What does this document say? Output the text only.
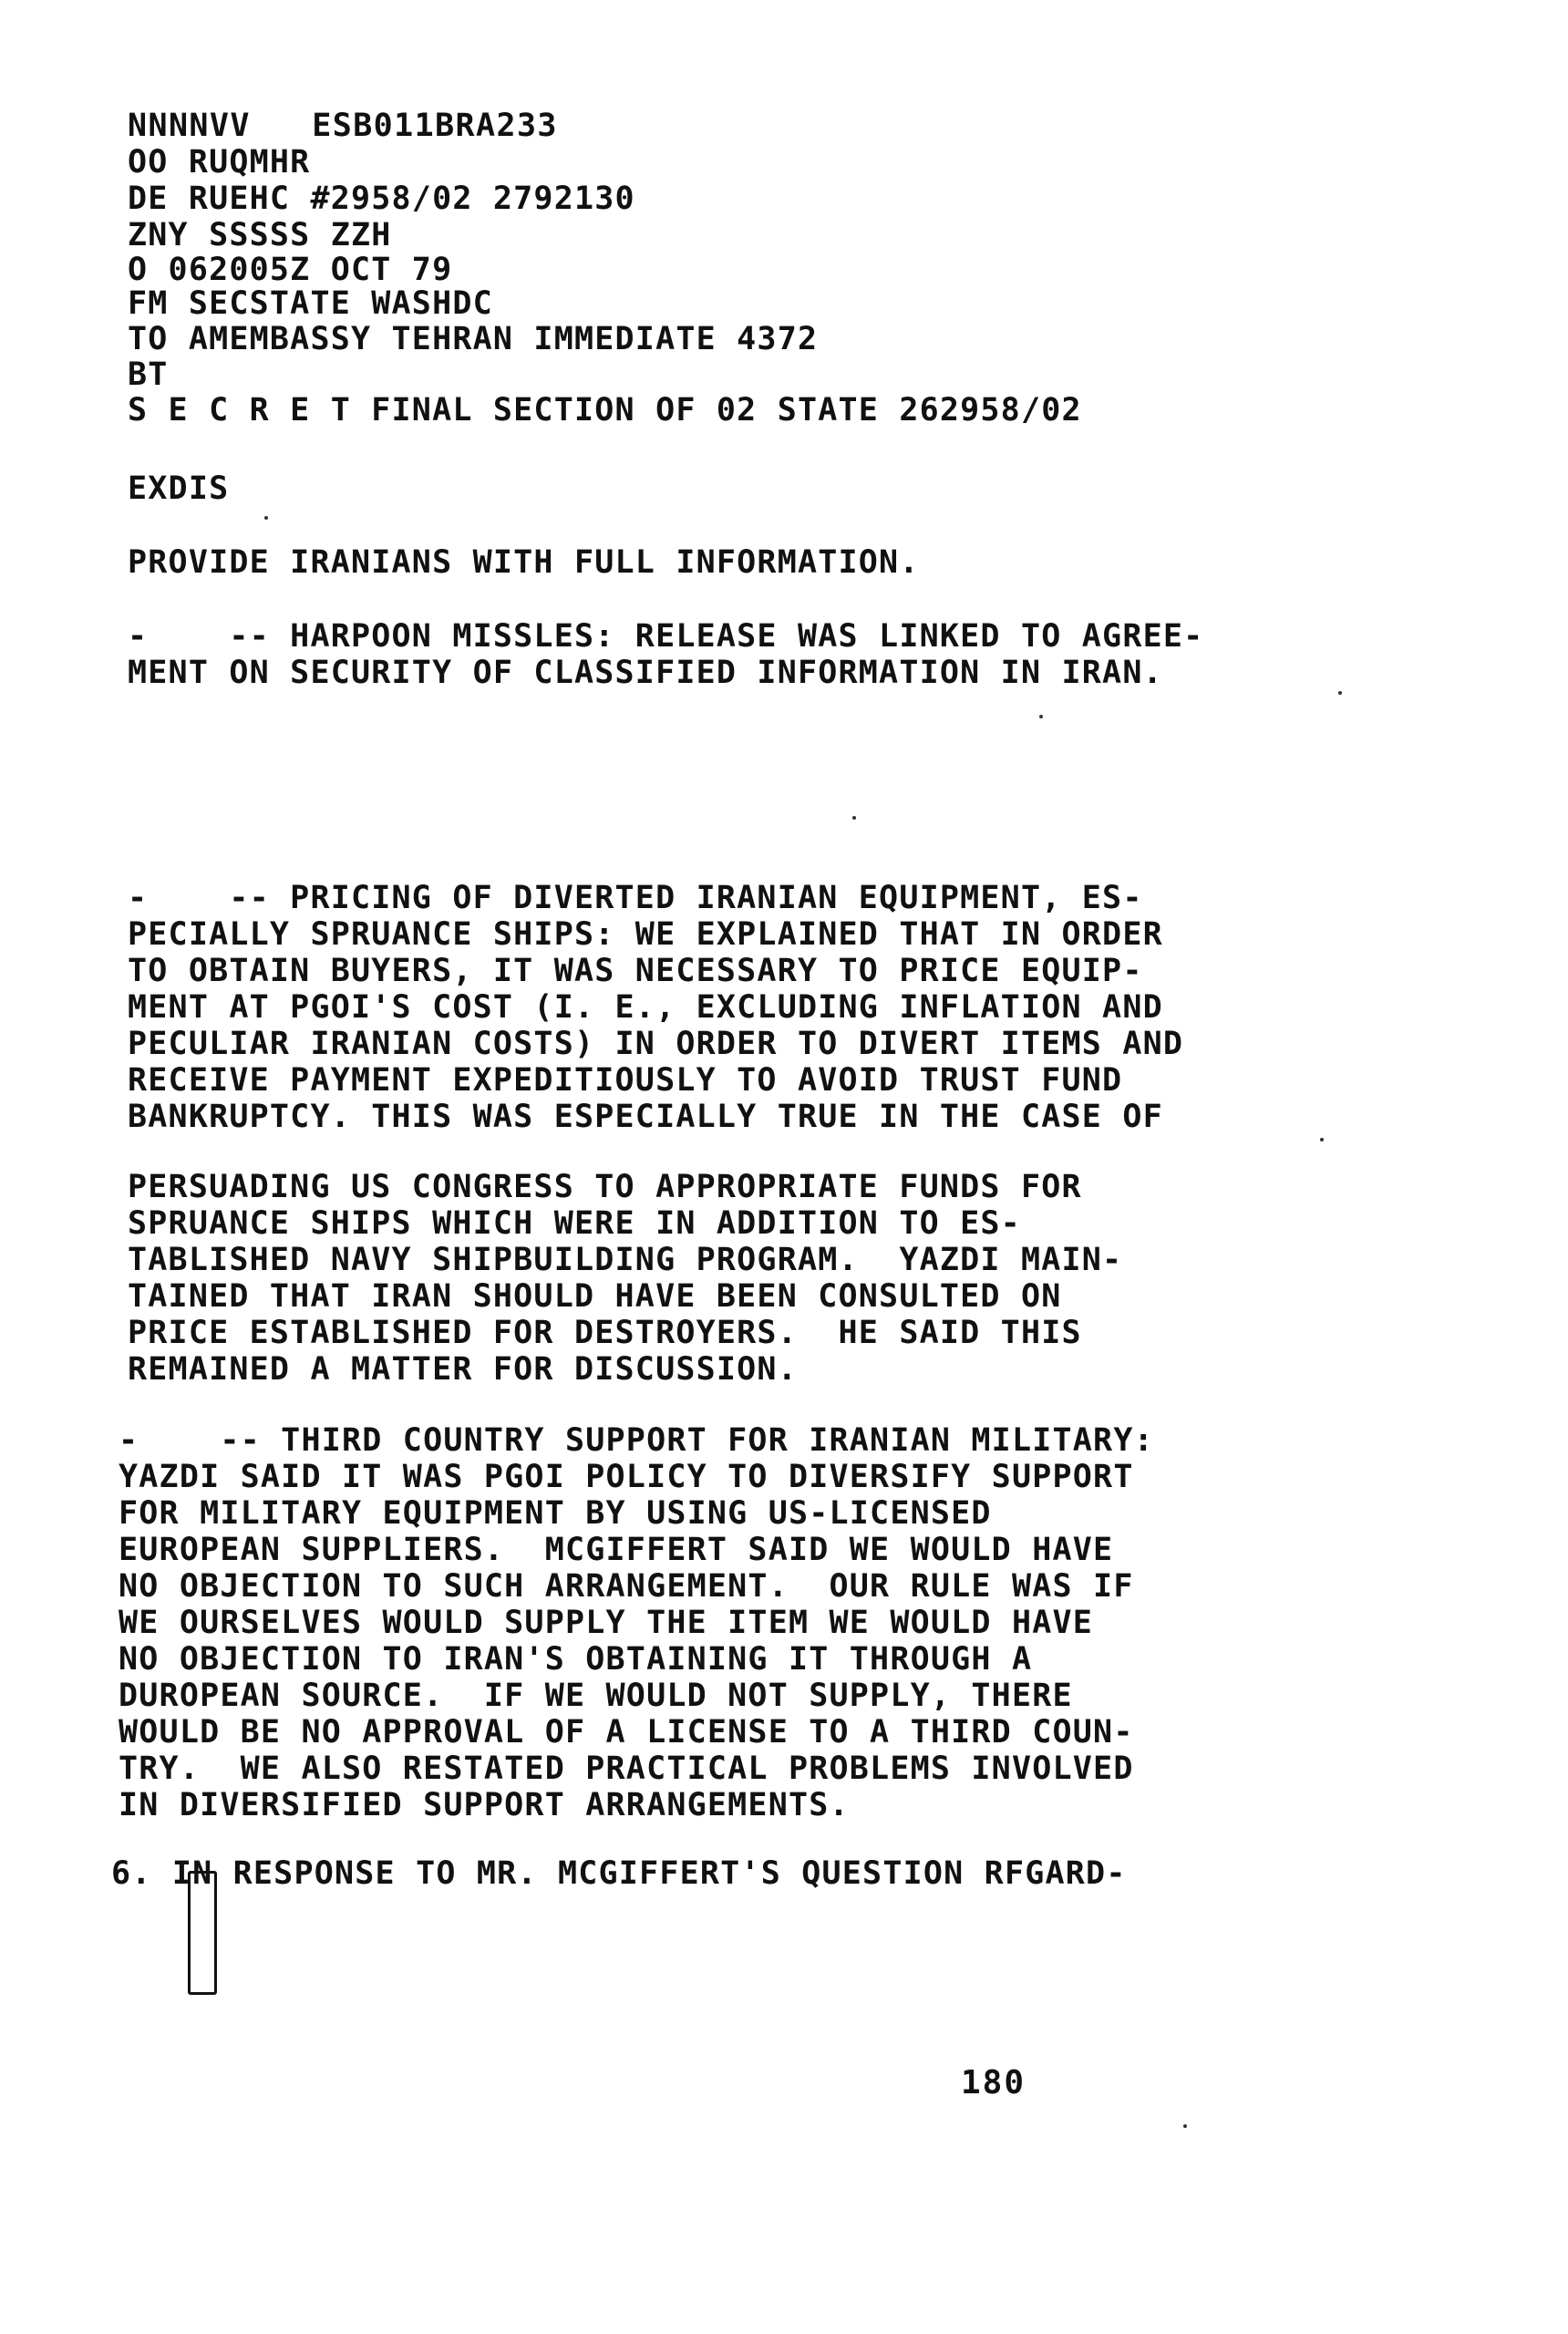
NNNNVV   ESB011BRA233

OO RUQMHR

DE RUEHC #2958/02 2792130

ZNY SSSSS ZZH

O 062005Z OCT 79

FM SECSTATE WASHDC

TO AMEMBASSY TEHRAN IMMEDIATE 4372

BT

S E C R E T FINAL SECTION OF 02 STATE 262958/02

EXDIS

PROVIDE IRANIANS WITH FULL INFORMATION.

-    -- HARPOON MISSLES: RELEASE WAS LINKED TO AGREE-

MENT ON SECURITY OF CLASSIFIED INFORMATION IN IRAN.

-    -- PRICING OF DIVERTED IRANIAN EQUIPMENT, ES-

PECIALLY SPRUANCE SHIPS: WE EXPLAINED THAT IN ORDER

TO OBTAIN BUYERS, IT WAS NECESSARY TO PRICE EQUIP-

MENT AT PGOI'S COST (I. E., EXCLUDING INFLATION AND

PECULIAR IRANIAN COSTS) IN ORDER TO DIVERT ITEMS AND

RECEIVE PAYMENT EXPEDITIOUSLY TO AVOID TRUST FUND

BANKRUPTCY. THIS WAS ESPECIALLY TRUE IN THE CASE OF

PERSUADING US CONGRESS TO APPROPRIATE FUNDS FOR

SPRUANCE SHIPS WHICH WERE IN ADDITION TO ES-

TABLISHED NAVY SHIPBUILDING PROGRAM.  YAZDI MAIN-

TAINED THAT IRAN SHOULD HAVE BEEN CONSULTED ON

PRICE ESTABLISHED FOR DESTROYERS.  HE SAID THIS

REMAINED A MATTER FOR DISCUSSION.

-    -- THIRD COUNTRY SUPPORT FOR IRANIAN MILITARY:

YAZDI SAID IT WAS PGOI POLICY TO DIVERSIFY SUPPORT

FOR MILITARY EQUIPMENT BY USING US-LICENSED

EUROPEAN SUPPLIERS.  MCGIFFERT SAID WE WOULD HAVE

NO OBJECTION TO SUCH ARRANGEMENT.  OUR RULE WAS IF

WE OURSELVES WOULD SUPPLY THE ITEM WE WOULD HAVE

NO OBJECTION TO IRAN'S OBTAINING IT THROUGH A

DUROPEAN SOURCE.  IF WE WOULD NOT SUPPLY, THERE

WOULD BE NO APPROVAL OF A LICENSE TO A THIRD COUN-

TRY.  WE ALSO RESTATED PRACTICAL PROBLEMS INVOLVED

IN DIVERSIFIED SUPPORT ARRANGEMENTS.

6. IN RESPONSE TO MR. MCGIFFERT'S QUESTION RFGARD-

180
